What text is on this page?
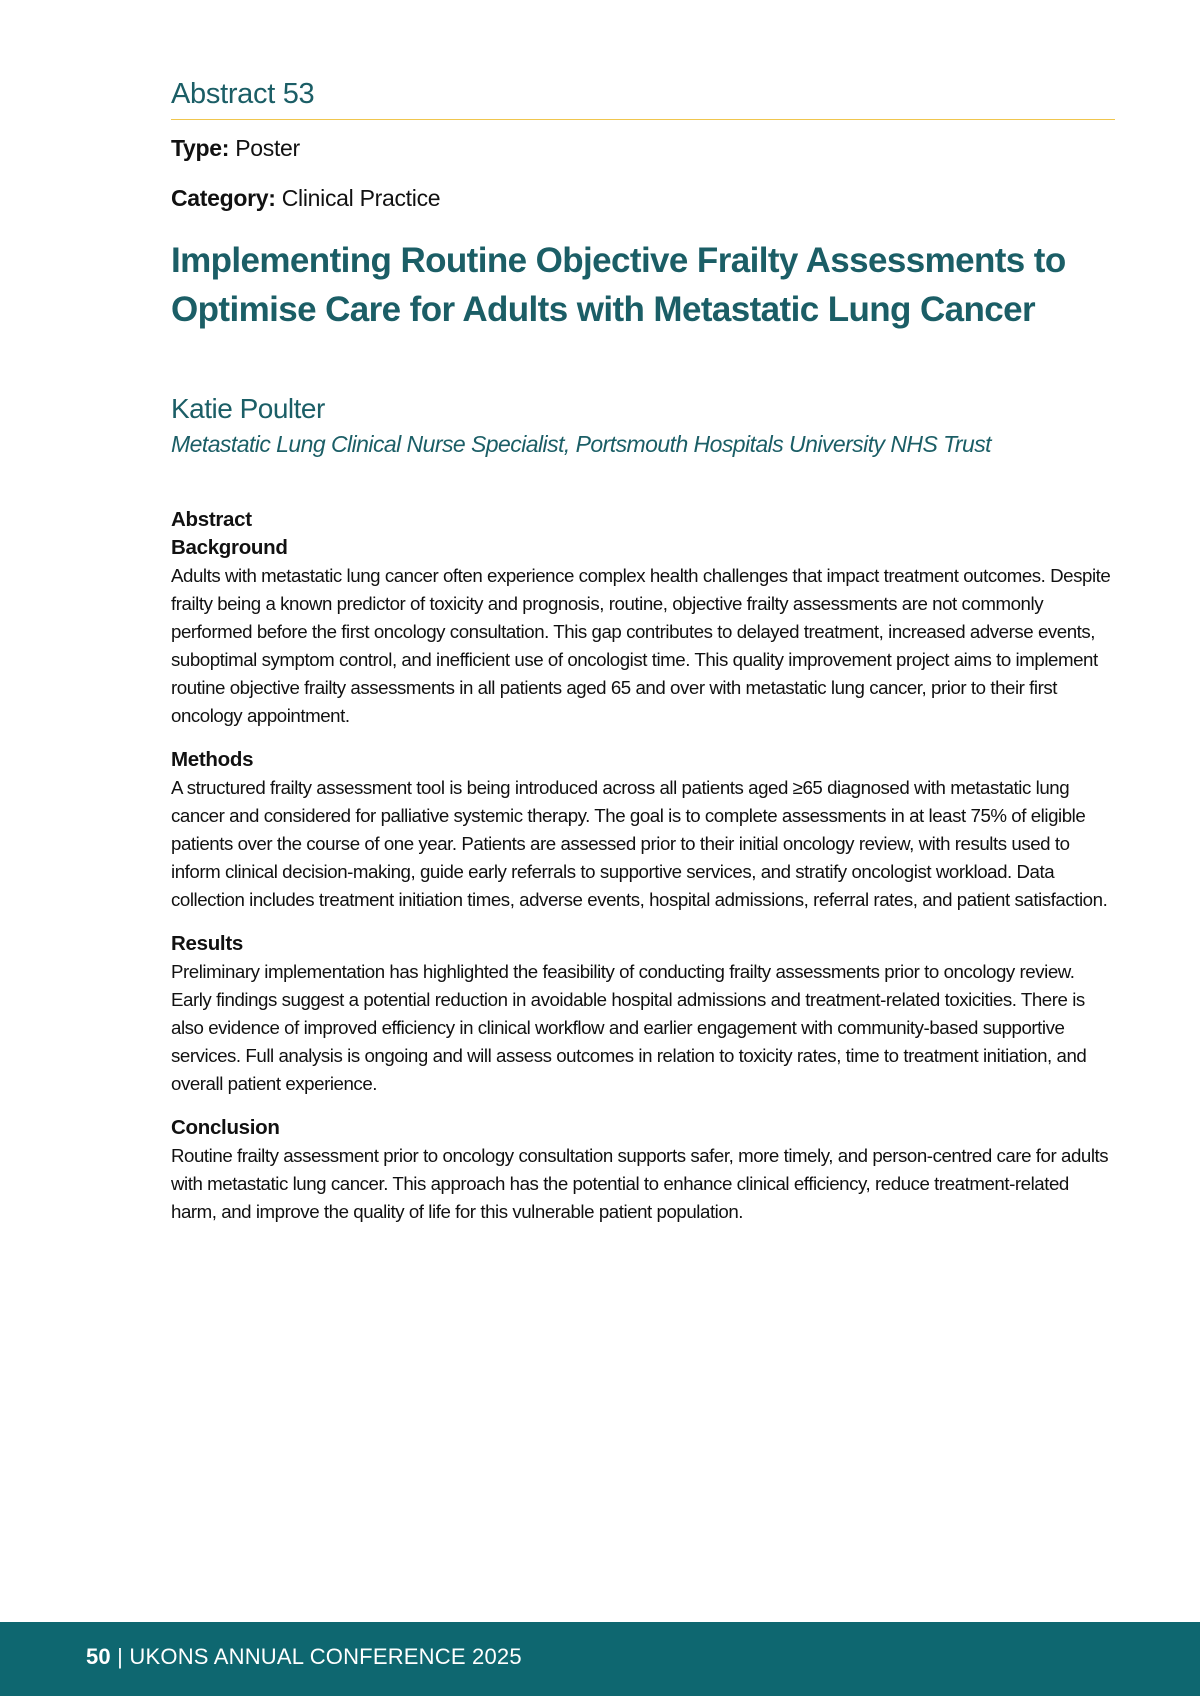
Abstract 53
Type: Poster
Category: Clinical Practice
Implementing Routine Objective Frailty Assessments to
Optimise Care for Adults with Metastatic Lung Cancer
Katie Poulter
Metastatic Lung Clinical Nurse Specialist, Portsmouth Hospitals University NHS Trust
Abstract
Background

Adults with metastatic lung cancer often experience complex health challenges that impact treatment outcomes. Despite frailty being a known predictor of toxicity and prognosis, routine, objective frailty assessments are not commonly performed before the first oncology consultation. This gap contributes to delayed treatment, increased adverse events, suboptimal symptom control, and inefficient use of oncologist time. This quality improvement project aims to implement routine objective frailty assessments in all patients aged 65 and over with metastatic lung cancer, prior to their first oncology appointment.

Methods

A structured frailty assessment tool is being introduced across all patients aged ≥65 diagnosed with metastatic lung cancer and considered for palliative systemic therapy. The goal is to complete assessments in at least 75% of eligible patients over the course of one year. Patients are assessed prior to their initial oncology review, with results used to inform clinical decision-making, guide early referrals to supportive services, and stratify oncologist workload. Data collection includes treatment initiation times, adverse events, hospital admissions, referral rates, and patient satisfaction.

Results

Preliminary implementation has highlighted the feasibility of conducting frailty assessments prior to oncology review. Early findings suggest a potential reduction in avoidable hospital admissions and treatment-related toxicities. There is also evidence of improved efficiency in clinical workflow and earlier engagement with community-based supportive services. Full analysis is ongoing and will assess outcomes in relation to toxicity rates, time to treatment initiation, and overall patient experience.

Conclusion

Routine frailty assessment prior to oncology consultation supports safer, more timely, and person-centred care for adults with metastatic lung cancer. This approach has the potential to enhance clinical efficiency, reduce treatment-related harm, and improve the quality of life for this vulnerable patient population.

50 | UKONS ANNUAL CONFERENCE 2025
